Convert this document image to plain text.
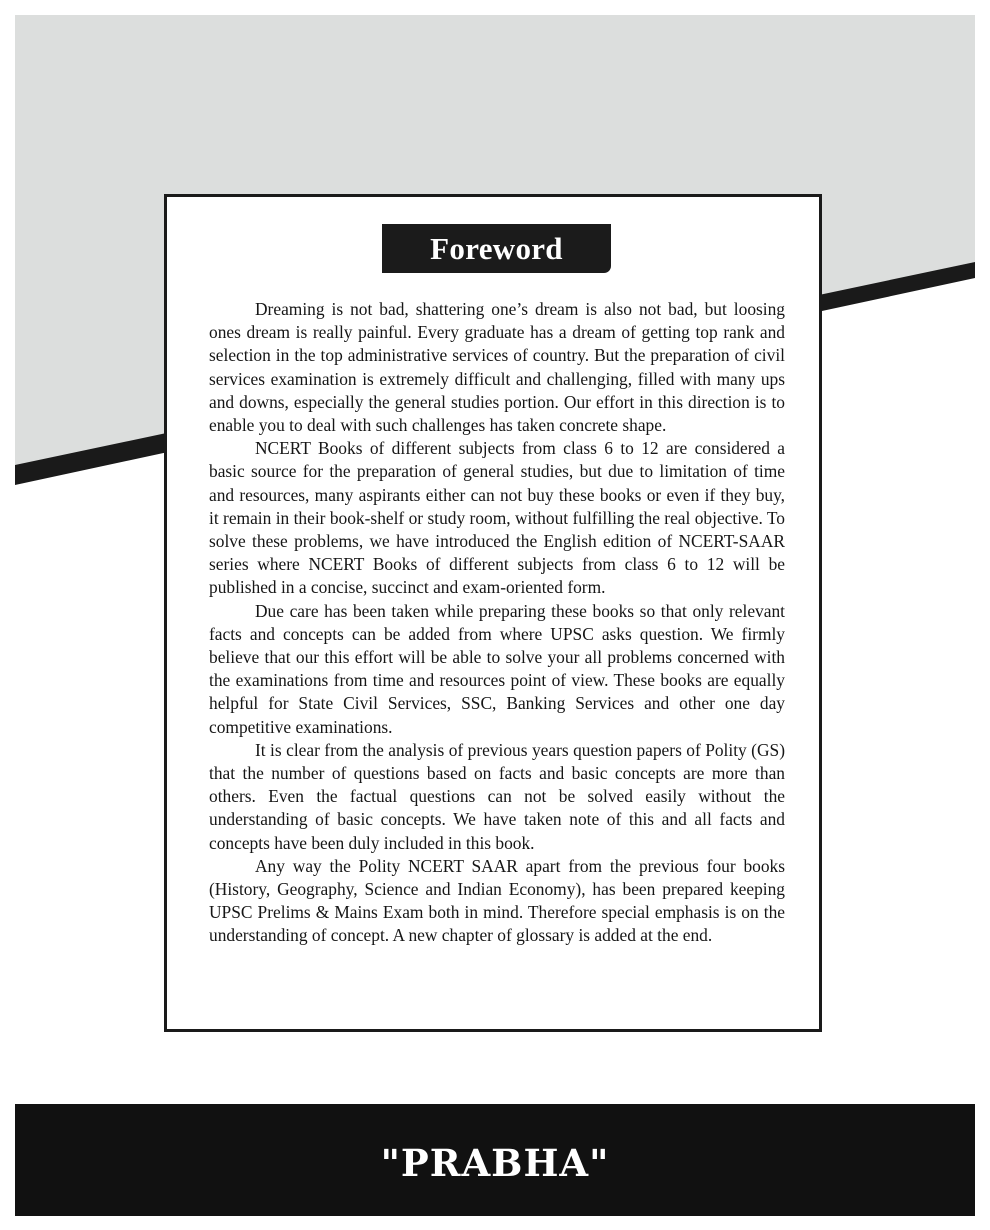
Foreword

Dreaming is not bad, shattering one’s dream is also not bad, but loosing ones dream is really painful. Every graduate has a dream of getting top rank and selection in the top administrative services of country. But the preparation of civil services examination is extremely difficult and challenging, filled with many ups and downs, especially the general studies portion. Our effort in this direction is to enable you to deal with such challenges has taken concrete shape.

NCERT Books of different subjects from class 6 to 12 are considered a basic source for the preparation of general studies, but due to limitation of time and resources, many aspirants either can not buy these books or even if they buy, it remain in their book-shelf or study room, without fulfilling the real objective. To solve these problems, we have introduced the English edition of NCERT-SAAR series where NCERT Books of different subjects from class 6 to 12 will be published in a concise, succinct and exam-oriented form.

Due care has been taken while preparing these books so that only relevant facts and concepts can be added from where UPSC asks question. We firmly believe that our this effort will be able to solve your all problems concerned with the examinations from time and resources point of view. These books are equally helpful for State Civil Services, SSC, Banking Services and other one day competitive examinations.

It is clear from the analysis of previous years question papers of Polity (GS) that the number of questions based on facts and basic concepts are more than others. Even the factual questions can not be solved easily without the understanding of basic concepts. We have taken note of this and all facts and concepts have been duly included in this book.

Any way the Polity NCERT SAAR apart from the previous four books (History, Geography, Science and Indian Economy), has been prepared keeping UPSC Prelims & Mains Exam both in mind. Therefore special emphasis is on the understanding of concept. A new chapter of glossary is added at the end.

"PRABHA"
